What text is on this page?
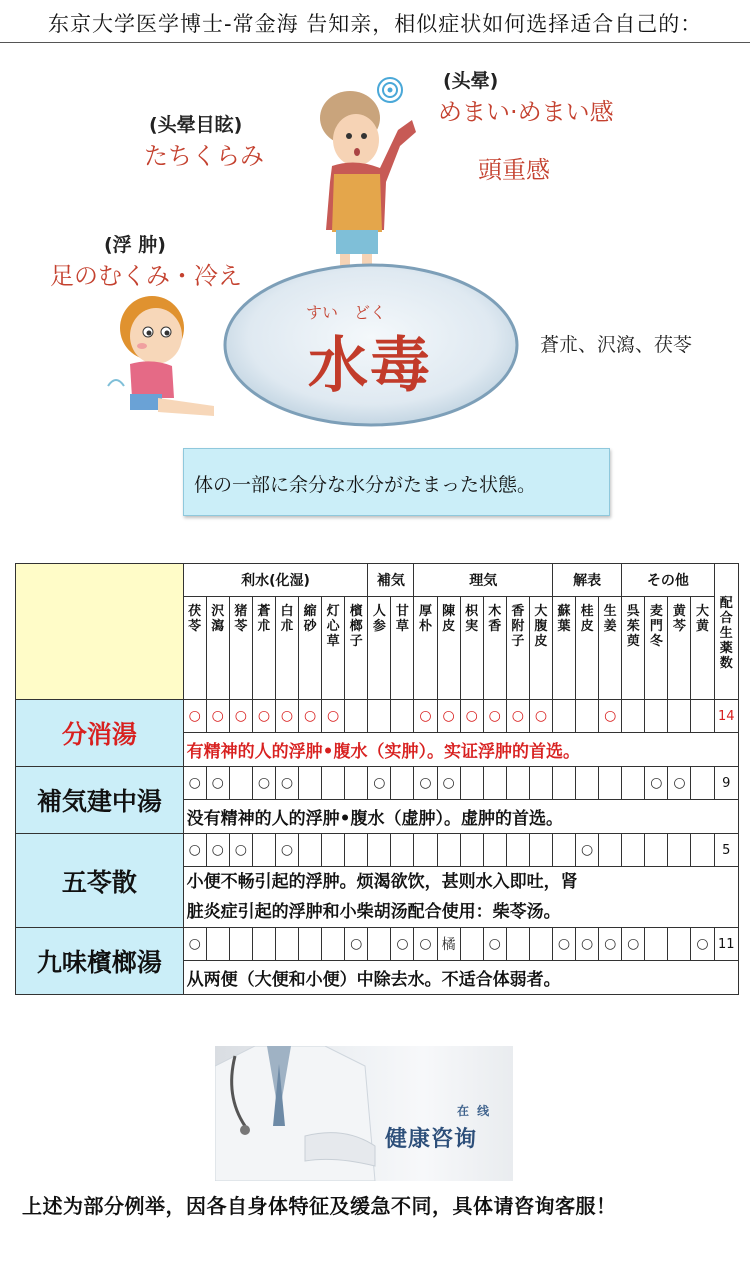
东京大学医学博士-常金海 告知亲，相似症状如何选择适合自己的：
(头晕)
めまい·めまい感
頭重感
(头晕目眩)
たちくらみ
(浮 肿)
足のむくみ・冷え
すい　どく
水毒	蒼朮、沢瀉、茯苓
体の一部に余分な水分がたまった状態。
	利水(化湿)								補気		理気						解表			その他				配合生薬数
	茯苓	沢瀉	猪苓	蒼朮	白朮	縮砂	灯心草	檳榔子	人参	甘草	厚朴	陳皮	枳実	木香	香附子	大腹皮	蘇葉	桂皮	生姜	呉茱萸	麦門冬	黄芩	大黄	
分消湯	○	○	○	○	○	○	○				○	○	○	○	○	○			○					14

	有精神的人的浮肿•腹水（实肿）。实证浮肿的首选。																							

補気建中湯	○	○		○	○				○		○	○									○	○		9

	没有精神的人的浮肿•腹水（虚肿）。虚肿的首选。																							

五苓散	○	○	○		○													○						5

	小便不畅引起的浮肿。烦渴欲饮，甚则水入即吐，肾
脏炎症引起的浮肿和小柴胡汤配合使用：柴苓汤。																							

九味檳榔湯	○							○		○	○	橘		○			○	○	○	○			○	11

	从两便（大便和小便）中除去水。不适合体弱者。																							
在 线
健康咨询
上述为部分例举，因各自身体特征及缓急不同，具体请咨询客服！
